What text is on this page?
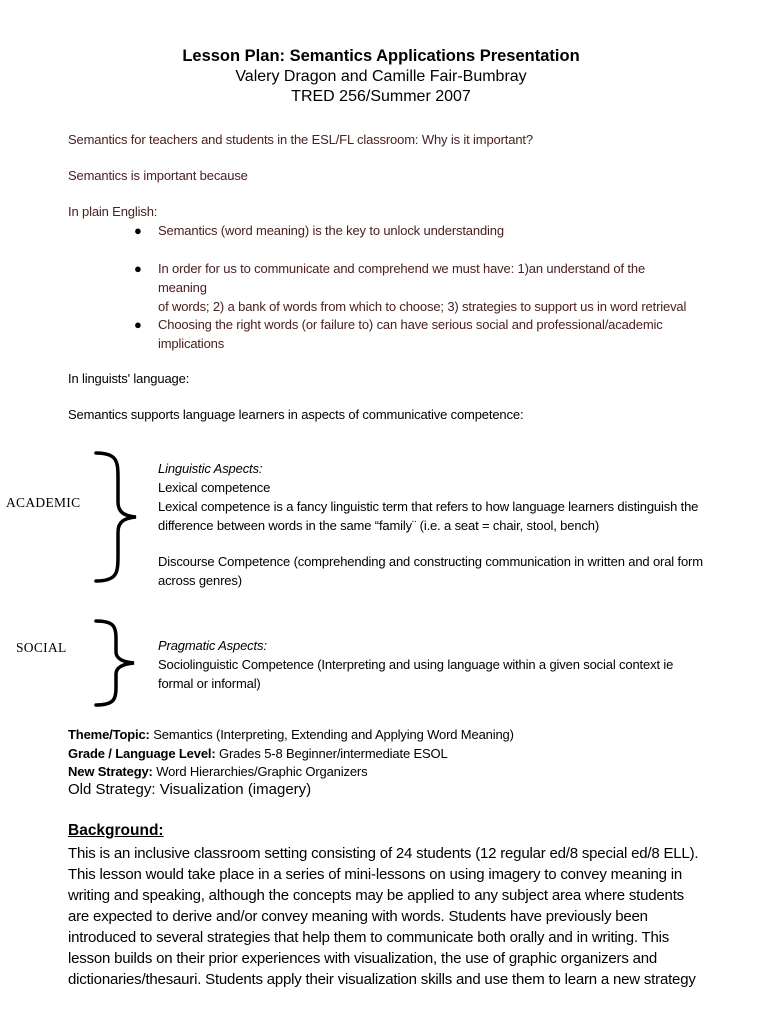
Lesson Plan: Semantics Applications Presentation
Valery Dragon and Camille Fair-Bumbray
TRED 256/Summer 2007
Semantics for teachers and students in the ESL/FL classroom: Why is it important?
Semantics is important because
In plain English:
● Semantics (word meaning) is the key to unlock understanding
● In order for us to communicate and comprehend we must have: 1)an understand of the meaning
of words; 2) a bank of words from which to choose; 3) strategies to support us in word retrieval
● Choosing the right words (or failure to) can have serious social and professional/academic
implications
In linguists' language:
Semantics supports language learners in aspects of communicative competence:
ACADEMIC
Linguistic Aspects:
Lexical competence
Lexical competence is a fancy linguistic term that refers to how language learners distinguish the
difference between words in the same “family¨ (i.e. a seat = chair, stool, bench)
Discourse Competence (comprehending and constructing communication in written and oral form
across genres)
SOCIAL	Pragmatic Aspects:
Sociolinguistic Competence (Interpreting and using language within a given social context ie
formal or informal)
Theme/Topic: Semantics (Interpreting, Extending and Applying Word Meaning)
Grade / Language Level: Grades 5-8 Beginner/intermediate ESOL
New Strategy: Word Hierarchies/Graphic Organizers
Old Strategy: Visualization (imagery)
Background:
This is an inclusive classroom setting consisting of 24 students (12 regular ed/8 special ed/8 ELL).
This lesson would take place in a series of mini-lessons on using imagery to convey meaning in
writing and speaking, although the concepts may be applied to any subject area where students
are expected to derive and/or convey meaning with words. Students have previously been
introduced to several strategies that help them to communicate both orally and in writing. This
lesson builds on their prior experiences with visualization, the use of graphic organizers and
dictionaries/thesauri. Students apply their visualization skills and use them to learn a new strategy
